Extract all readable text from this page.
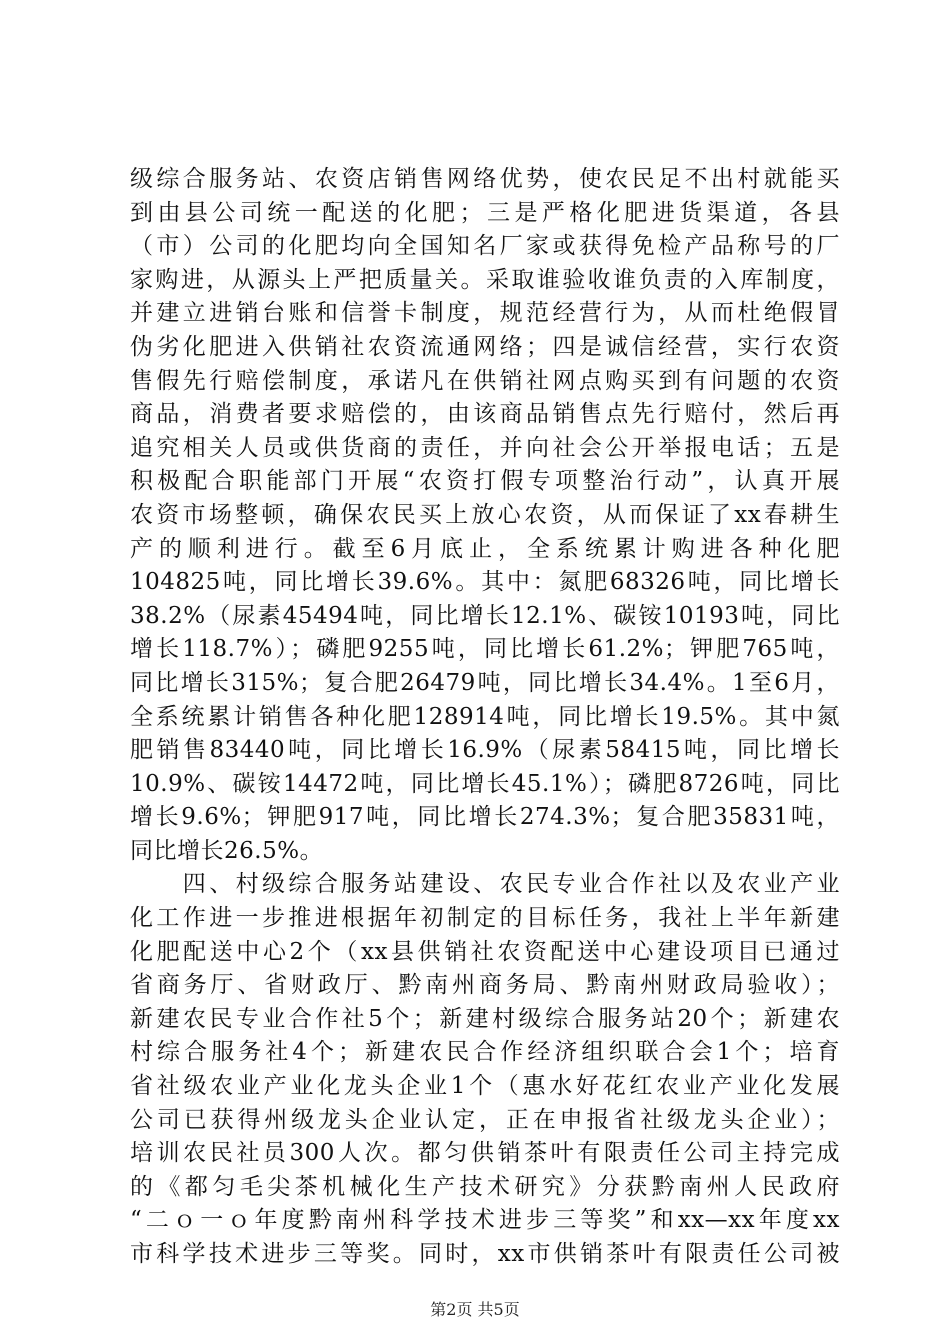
级综合服务站、农资店销售网络优势，使农民足不出村就能买
到由县公司统一配送的化肥；三是严格化肥进货渠道，各县
（市）公司的化肥均向全国知名厂家或获得免检产品称号的厂
家购进，从源头上严把质量关。采取谁验收谁负责的入库制度，
并建立进销台账和信誉卡制度，规范经营行为，从而杜绝假冒
伪劣化肥进入供销社农资流通网络；四是诚信经营，实行农资
售假先行赔偿制度，承诺凡在供销社网点购买到有问题的农资
商品，消费者要求赔偿的，由该商品销售点先行赔付，然后再
追究相关人员或供货商的责任，并向社会公开举报电话；五是
积极配合职能部门开展“农资打假专项整治行动”，认真开展
农资市场整顿，确保农民买上放心农资，从而保证了xx春耕生
产的顺利进行。截至6月底止，全系统累计购进各种化肥
104825吨，同比增长39.6%。其中：氮肥68326吨，同比增长
38.2%（尿素45494吨，同比增长12.1%、碳铵10193吨，同比
增长118.7%）；磷肥9255吨，同比增长61.2%；钾肥765吨，
同比增长315%；复合肥26479吨，同比增长34.4%。1至6月，
全系统累计销售各种化肥128914吨，同比增长19.5%。其中氮
肥销售83440吨，同比增长16.9%（尿素58415吨，同比增长
10.9%、碳铵14472吨，同比增长45.1%）；磷肥8726吨，同比
增长9.6%；钾肥917吨，同比增长274.3%；复合肥35831吨，
同比增长26.5%。
　　四、村级综合服务站建设、农民专业合作社以及农业产业
化工作进一步推进根据年初制定的目标任务，我社上半年新建
化肥配送中心2个（xx县供销社农资配送中心建设项目已通过
省商务厅、省财政厅、黔南州商务局、黔南州财政局验收）；
新建农民专业合作社5个；新建村级综合服务站20个；新建农
村综合服务社4个；新建农民合作经济组织联合会1个；培育
省社级农业产业化龙头企业1个（惠水好花红农业产业化发展
公司已获得州级龙头企业认定，正在申报省社级龙头企业）；
培训农民社员300人次。都匀供销茶叶有限责任公司主持完成
的《都匀毛尖茶机械化生产技术研究》分获黔南州人民政府
“二ｏ一ｏ年度黔南州科学技术进步三等奖”和xx—xx年度xx
市科学技术进步三等奖。同时，xx市供销茶叶有限责任公司被
第2页 共5页
